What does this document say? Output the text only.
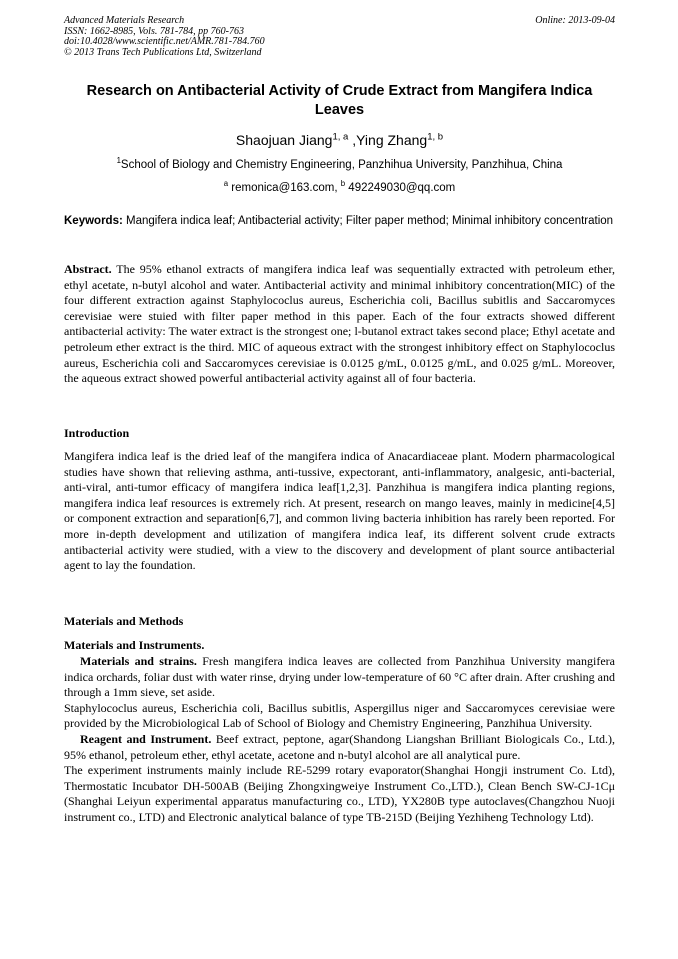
Advanced Materials Research
ISSN: 1662-8985, Vols. 781-784, pp 760-763
doi:10.4028/www.scientific.net/AMR.781-784.760
© 2013 Trans Tech Publications Ltd, Switzerland
Online: 2013-09-04
Research on Antibacterial Activity of Crude Extract from Mangifera Indica Leaves
Shaojuan Jiang$^{1, a}$ ,Ying Zhang$^{1, b}$
$^1$School of Biology and Chemistry Engineering, Panzhihua University, Panzhihua, China
$^a$ remonica@163.com, $^b$ 492249030@qq.com
Keywords: Mangifera indica leaf; Antibacterial activity; Filter paper method; Minimal inhibitory concentration

Abstract. The 95% ethanol extracts of mangifera indica leaf was sequentially extracted with petroleum ether, ethyl acetate, n-butyl alcohol and water. Antibacterial activity and minimal inhibitory concentration(MIC) of the four different extraction against Staphylococlus aureus, Escherichia coli, Bacillus subitlis and Saccaromyces cerevisiae were stuied with filter paper method in this paper. Each of the four extracts showed different antibacterial activity: The water extract is the strongest one; l-butanol extract takes second place; Ethyl acetate and petroleum ether extract is the third. MIC of aqueous extract with the strongest inhibitory effect on Staphylococlus aureus, Escherichia coli and Saccaromyces cerevisiae is 0.0125 g/mL, 0.0125 g/mL, and 0.025 g/mL. Moreover, the aqueous extract showed powerful antibacterial activity against all of four bacteria.

Introduction

Mangifera indica leaf is the dried leaf of the mangifera indica of Anacardiaceae plant. Modern pharmacological studies have shown that relieving asthma, anti-tussive, expectorant, anti-inflammatory, analgesic, anti-bacterial, anti-viral, anti-tumor efficacy of mangifera indica leaf[1,2,3]. Panzhihua is mangifera indica planting regions, mangifera indica leaf resources is extremely rich. At present, research on mango leaves, mainly in medicine[4,5] or component extraction and separation[6,7], and common living bacteria inhibition has rarely been reported. For more in-depth development and utilization of mangifera indica leaf, its different solvent crude extracts antibacterial activity were studied, with a view to the discovery and development of plant source antibacterial agent to lay the foundation.

Materials and Methods
Materials and Instruments.

Materials and strains. Fresh mangifera indica leaves are collected from Panzhihua University mangifera indica orchards, foliar dust with water rinse, drying under low-temperature of 60 °C after drain. After crushing and through a 1mm sieve, set aside.

Staphylococlus aureus, Escherichia coli, Bacillus subitlis, Aspergillus niger and Saccaromyces cerevisiae were provided by the Microbiological Lab of School of Biology and Chemistry Engineering, Panzhihua University.

Reagent and Instrument. Beef extract, peptone, agar(Shandong Liangshan Brilliant Biologicals Co., Ltd.), 95% ethanol, petroleum ether, ethyl acetate, acetone and n-butyl alcohol are all analytical pure.

The experiment instruments mainly include RE-5299 rotary evaporator(Shanghai Hongji instrument Co. Ltd), Thermostatic Incubator DH-500AB (Beijing Zhongxingweiye Instrument Co.,LTD.), Clean Bench SW-CJ-1Cμ (Shanghai Leiyun experimental apparatus manufacturing co., LTD), YX280B type autoclaves(Changzhou Nuoji instrument co., LTD) and Electronic analytical balance of type TB-215D (Beijing Yezhiheng Technology Ltd).
